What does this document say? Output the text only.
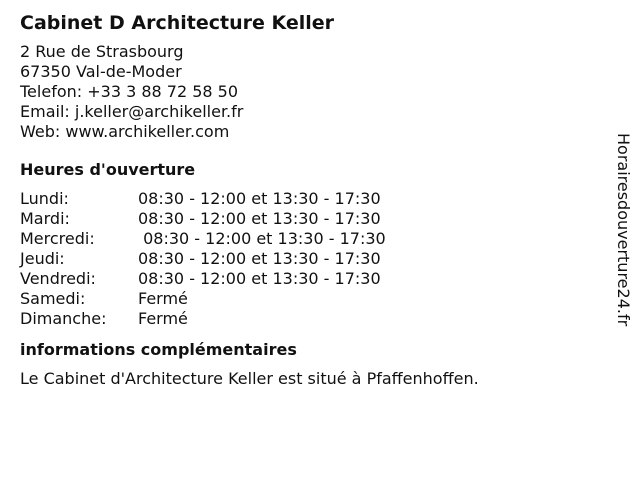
Cabinet D Architecture Keller
2 Rue de Strasbourg
67350 Val-de-Moder
Telefon: +33 3 88 72 58 50
Email: j.keller@archikeller.fr
Web: www.archikeller.com
Heures d'ouverture
Lundi:	08:30 - 12:00 et 13:30 - 17:30
Mardi:	08:30 - 12:00 et 13:30 - 17:30
Mercredi:	08:30 - 12:00 et 13:30 - 17:30
Jeudi:	08:30 - 12:00 et 13:30 - 17:30
Vendredi:	08:30 - 12:00 et 13:30 - 17:30
Samedi:	Fermé
Dimanche:	Fermé
informations complémentaires
Le Cabinet d'Architecture Keller est situé à Pfaffenhoffen.
Horairesdouverture24.fr
